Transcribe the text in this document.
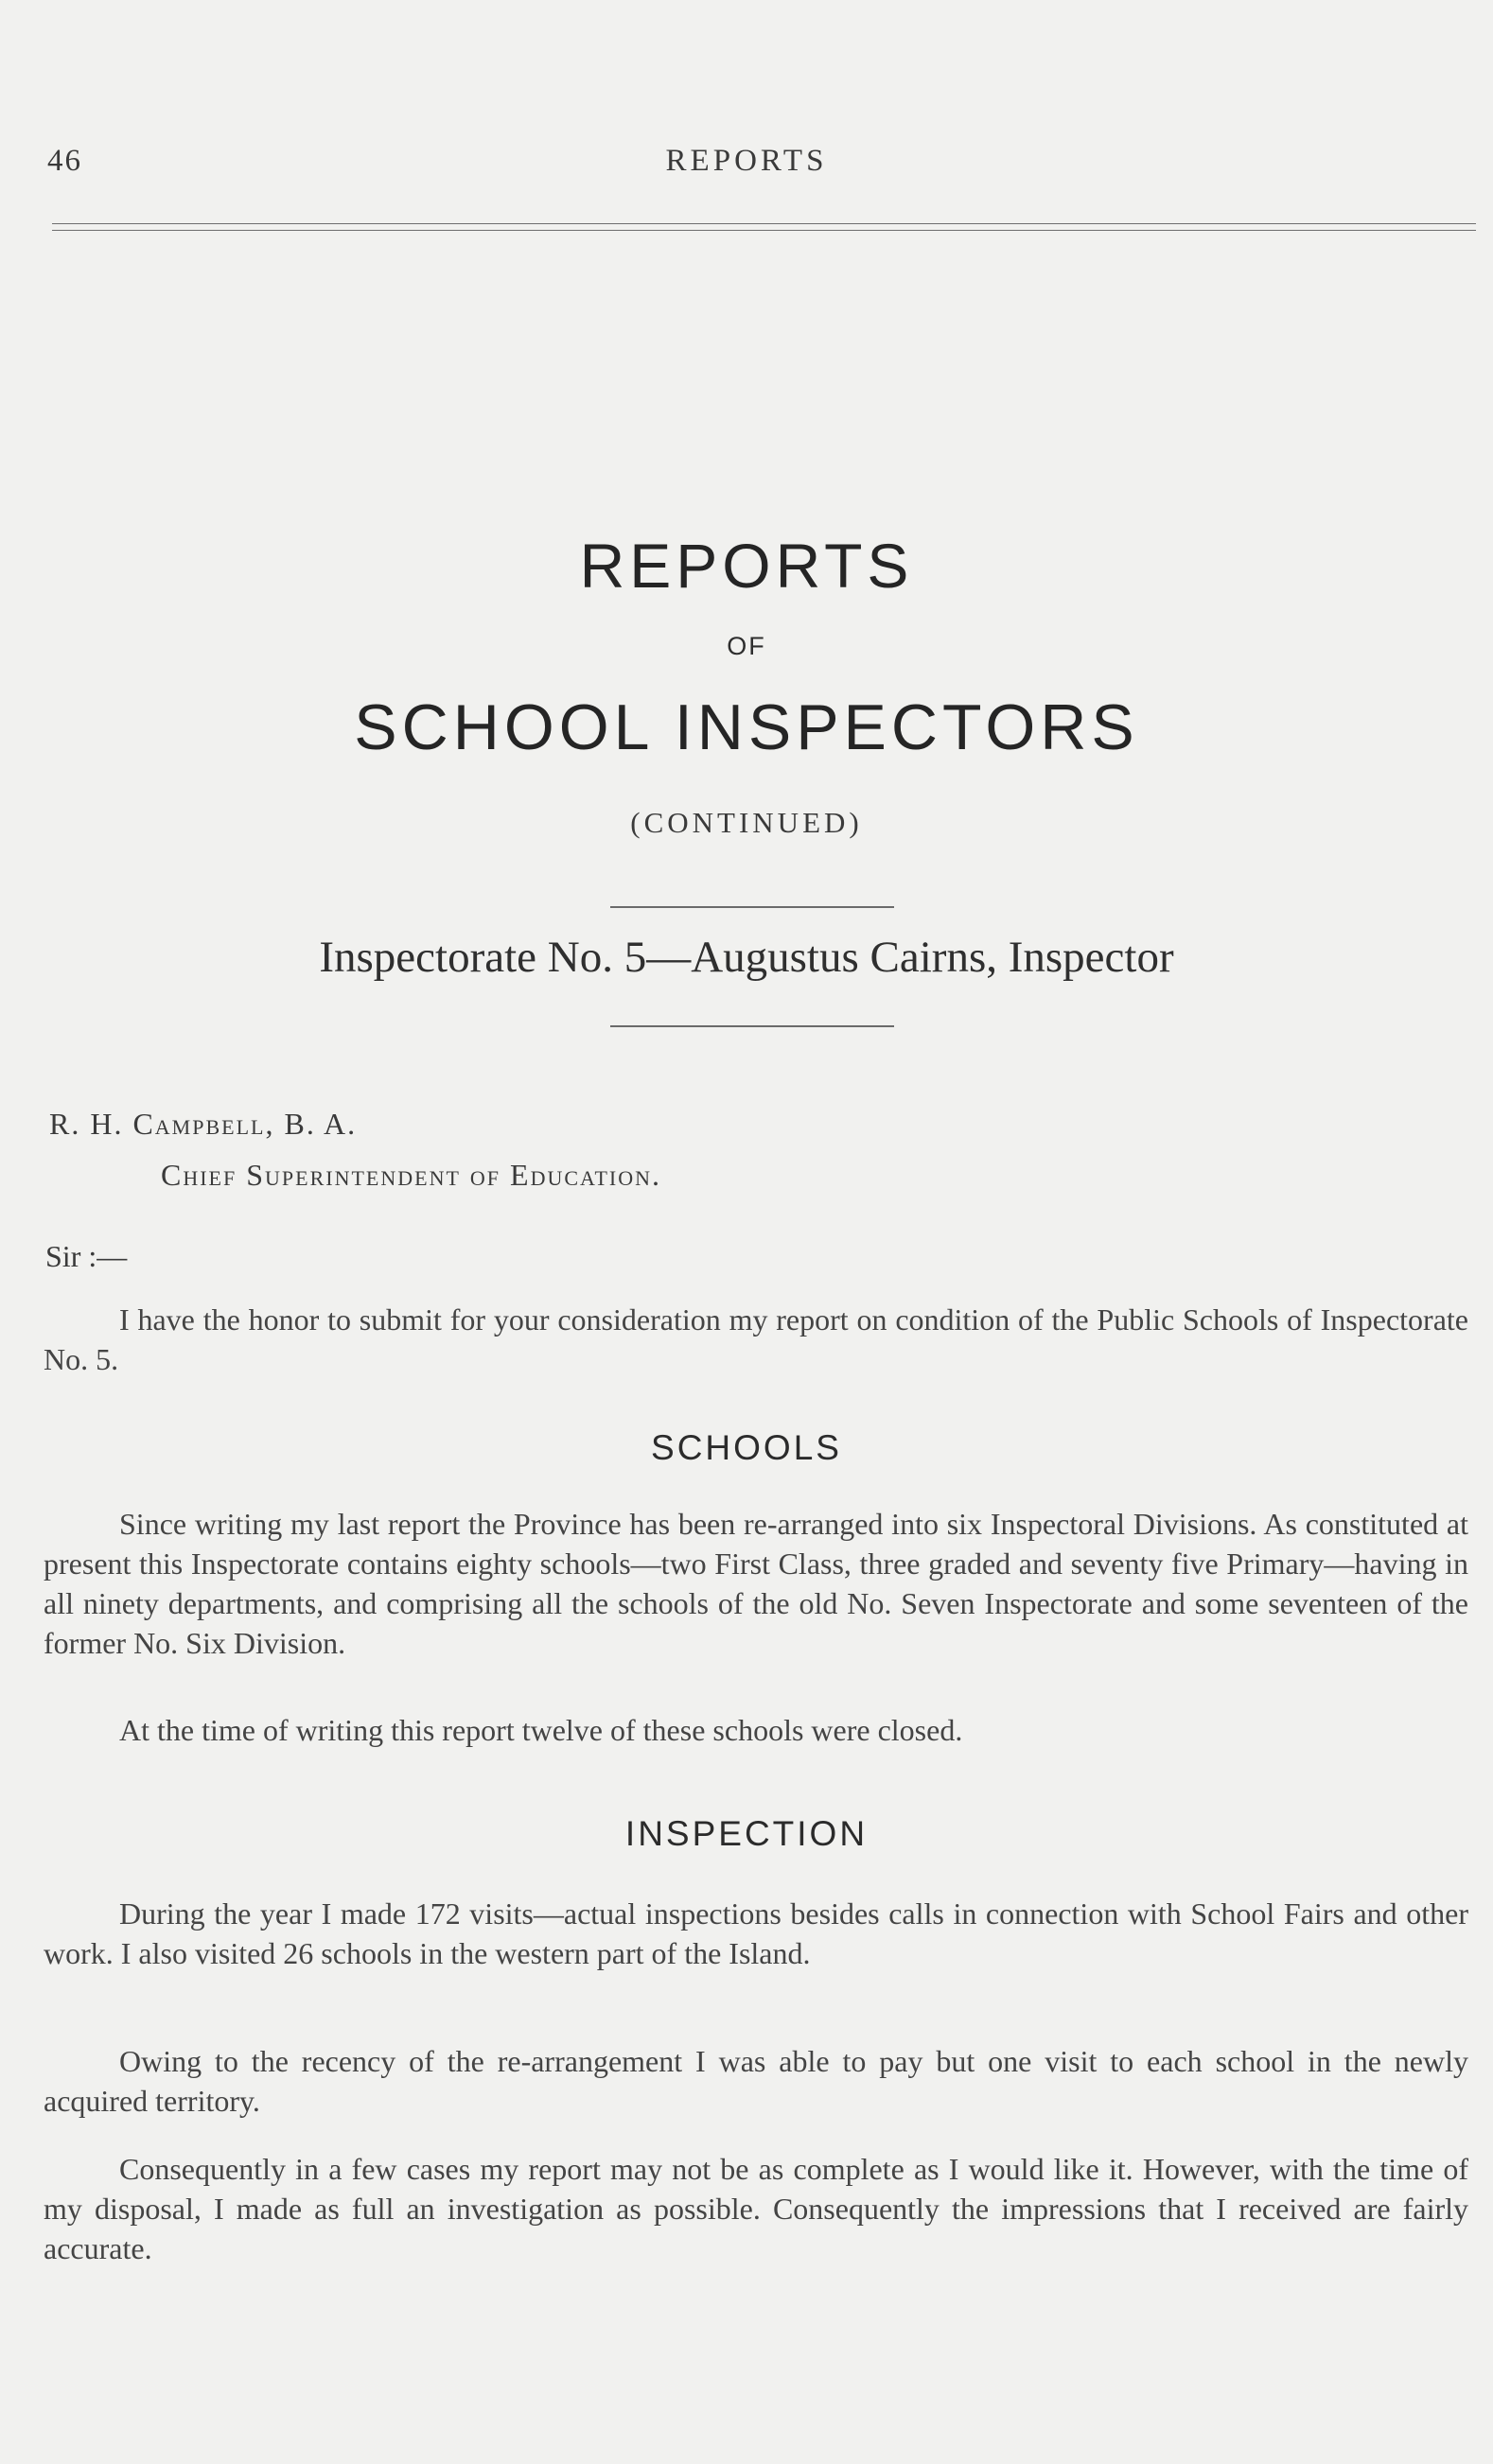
46	REPORTS
REPORTS
OF
SCHOOL INSPECTORS
(CONTINUED)
Inspectorate No. 5—Augustus Cairns, Inspector
R. H. Campbell, B. A.
Chief Superintendent of Education.
Sir :—

I have the honor to submit for your consideration my report on condition of the Public Schools of Inspectorate No. 5.

SCHOOLS

Since writing my last report the Province has been re-arranged into six Inspectoral Divisions. As constituted at present this Inspectorate contains eighty schools—two First Class, three graded and seventy five Primary—having in all ninety departments, and comprising all the schools of the old No. Seven Inspectorate and some seventeen of the former No. Six Division.

At the time of writing this report twelve of these schools were closed.

INSPECTION

During the year I made 172 visits—actual inspections besides calls in connection with School Fairs and other work. I also visited 26 schools in the western part of the Island.

Owing to the recency of the re-arrangement I was able to pay but one visit to each school in the newly acquired territory.

Consequently in a few cases my report may not be as complete as I would like it. However, with the time of my disposal, I made as full an investigation as possible. Consequently the impressions that I received are fairly accurate.
